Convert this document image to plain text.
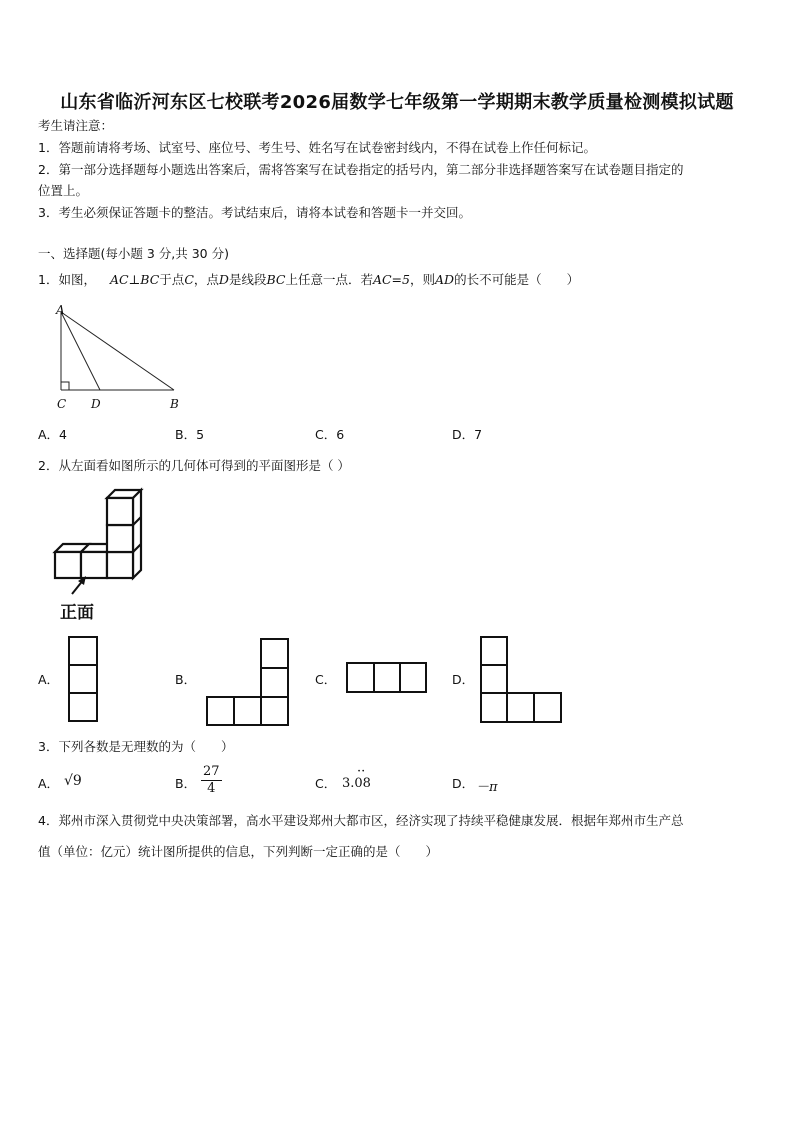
山东省临沂河东区七校联考2026届数学七年级第一学期期末教学质量检测模拟试题
考生请注意：
1．答题前请将考场、试室号、座位号、考生号、姓名写在试卷密封线内，不得在试卷上作任何标记。
2．第一部分选择题每小题选出答案后，需将答案写在试卷指定的括号内，第二部分非选择题答案写在试卷题目指定的
位置上。
3．考生必须保证答题卡的整洁。考试结束后，请将本试卷和答题卡一并交回。
一、选择题(每小题 3 分,共 30 分)
1．如图， AC⊥BC于点C，点D是线段BC上任意一点．若AC=5，则AD的长不可能是（　　）
A
C D	B
A．4	B．5	C．6	D．7
2．从左面看如图所示的几何体可得到的平面图形是（ ）
正面
A．	B．	C．	D．
3．下列各数是无理数的为（　　）
A． √9	B． $\frac{27}{4}$	C． 3.08
··
D． －π
4．郑州市深入贯彻党中央决策部署，高水平建设郑州大都市区，经济实现了持续平稳健康发展．根据年郑州市生产总
值（单位：亿元）统计图所提供的信息，下列判断一定正确的是（　　）
